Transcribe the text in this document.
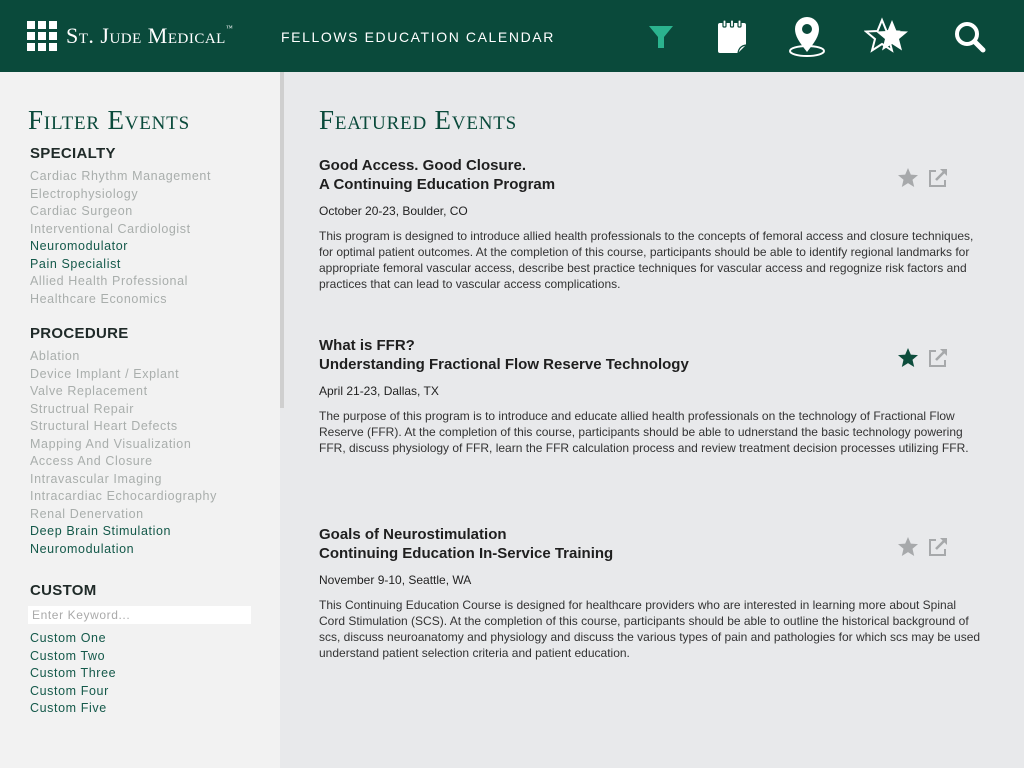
St. Jude Medical™
FELLOWS EDUCATION CALENDAR
Filter Events
SPECIALTY
Cardiac Rhythm Management
Electrophysiology
Cardiac Surgeon
Interventional Cardiologist
Neuromodulator
Pain Specialist
Allied Health Professional
Healthcare Economics
PROCEDURE
Ablation
Device Implant / Explant
Valve Replacement
Structrual Repair
Structural Heart Defects
Mapping And Visualization
Access And Closure
Intravascular Imaging
Intracardiac Echocardiography
Renal Denervation
Deep Brain Stimulation
Neuromodulation
CUSTOM
Enter Keyword...
Custom One
Custom Two
Custom Three
Custom Four
Custom Five
Featured Events
Good Access. Good Closure.
A Continuing Education Program
October 20-23, Boulder, CO
This program is designed to introduce allied health professionals to the concepts of femoral access and closure techniques, for optimal patient outcomes. At the completion of this course, participants should be able to identify regional landmarks for appropriate femoral vascular access, describe best practice techniques for vascular access and regognize risk factors and practices that can lead to vascular access complications.
What is FFR?
Understanding Fractional Flow Reserve Technology
April 21-23, Dallas, TX
The purpose of this program is to introduce and educate allied health professionals on the technology of Fractional Flow Reserve (FFR). At the completion of this course, participants should be able to udnerstand the basic technology powering FFR, discuss physiology of FFR, learn the FFR calculation process and review treatment decision processes utilizing FFR.
Goals of Neurostimulation
Continuing Education In-Service Training
November 9-10, Seattle, WA
This Continuing Education Course is designed for healthcare providers who are interested in learning more about Spinal Cord Stimulation (SCS). At the completion of this course, participants should be able to outline the historical background of scs, discuss neuroanatomy and physiology and discuss the various types of pain and pathologies for which scs may be used understand patient selection criteria and patient education.
